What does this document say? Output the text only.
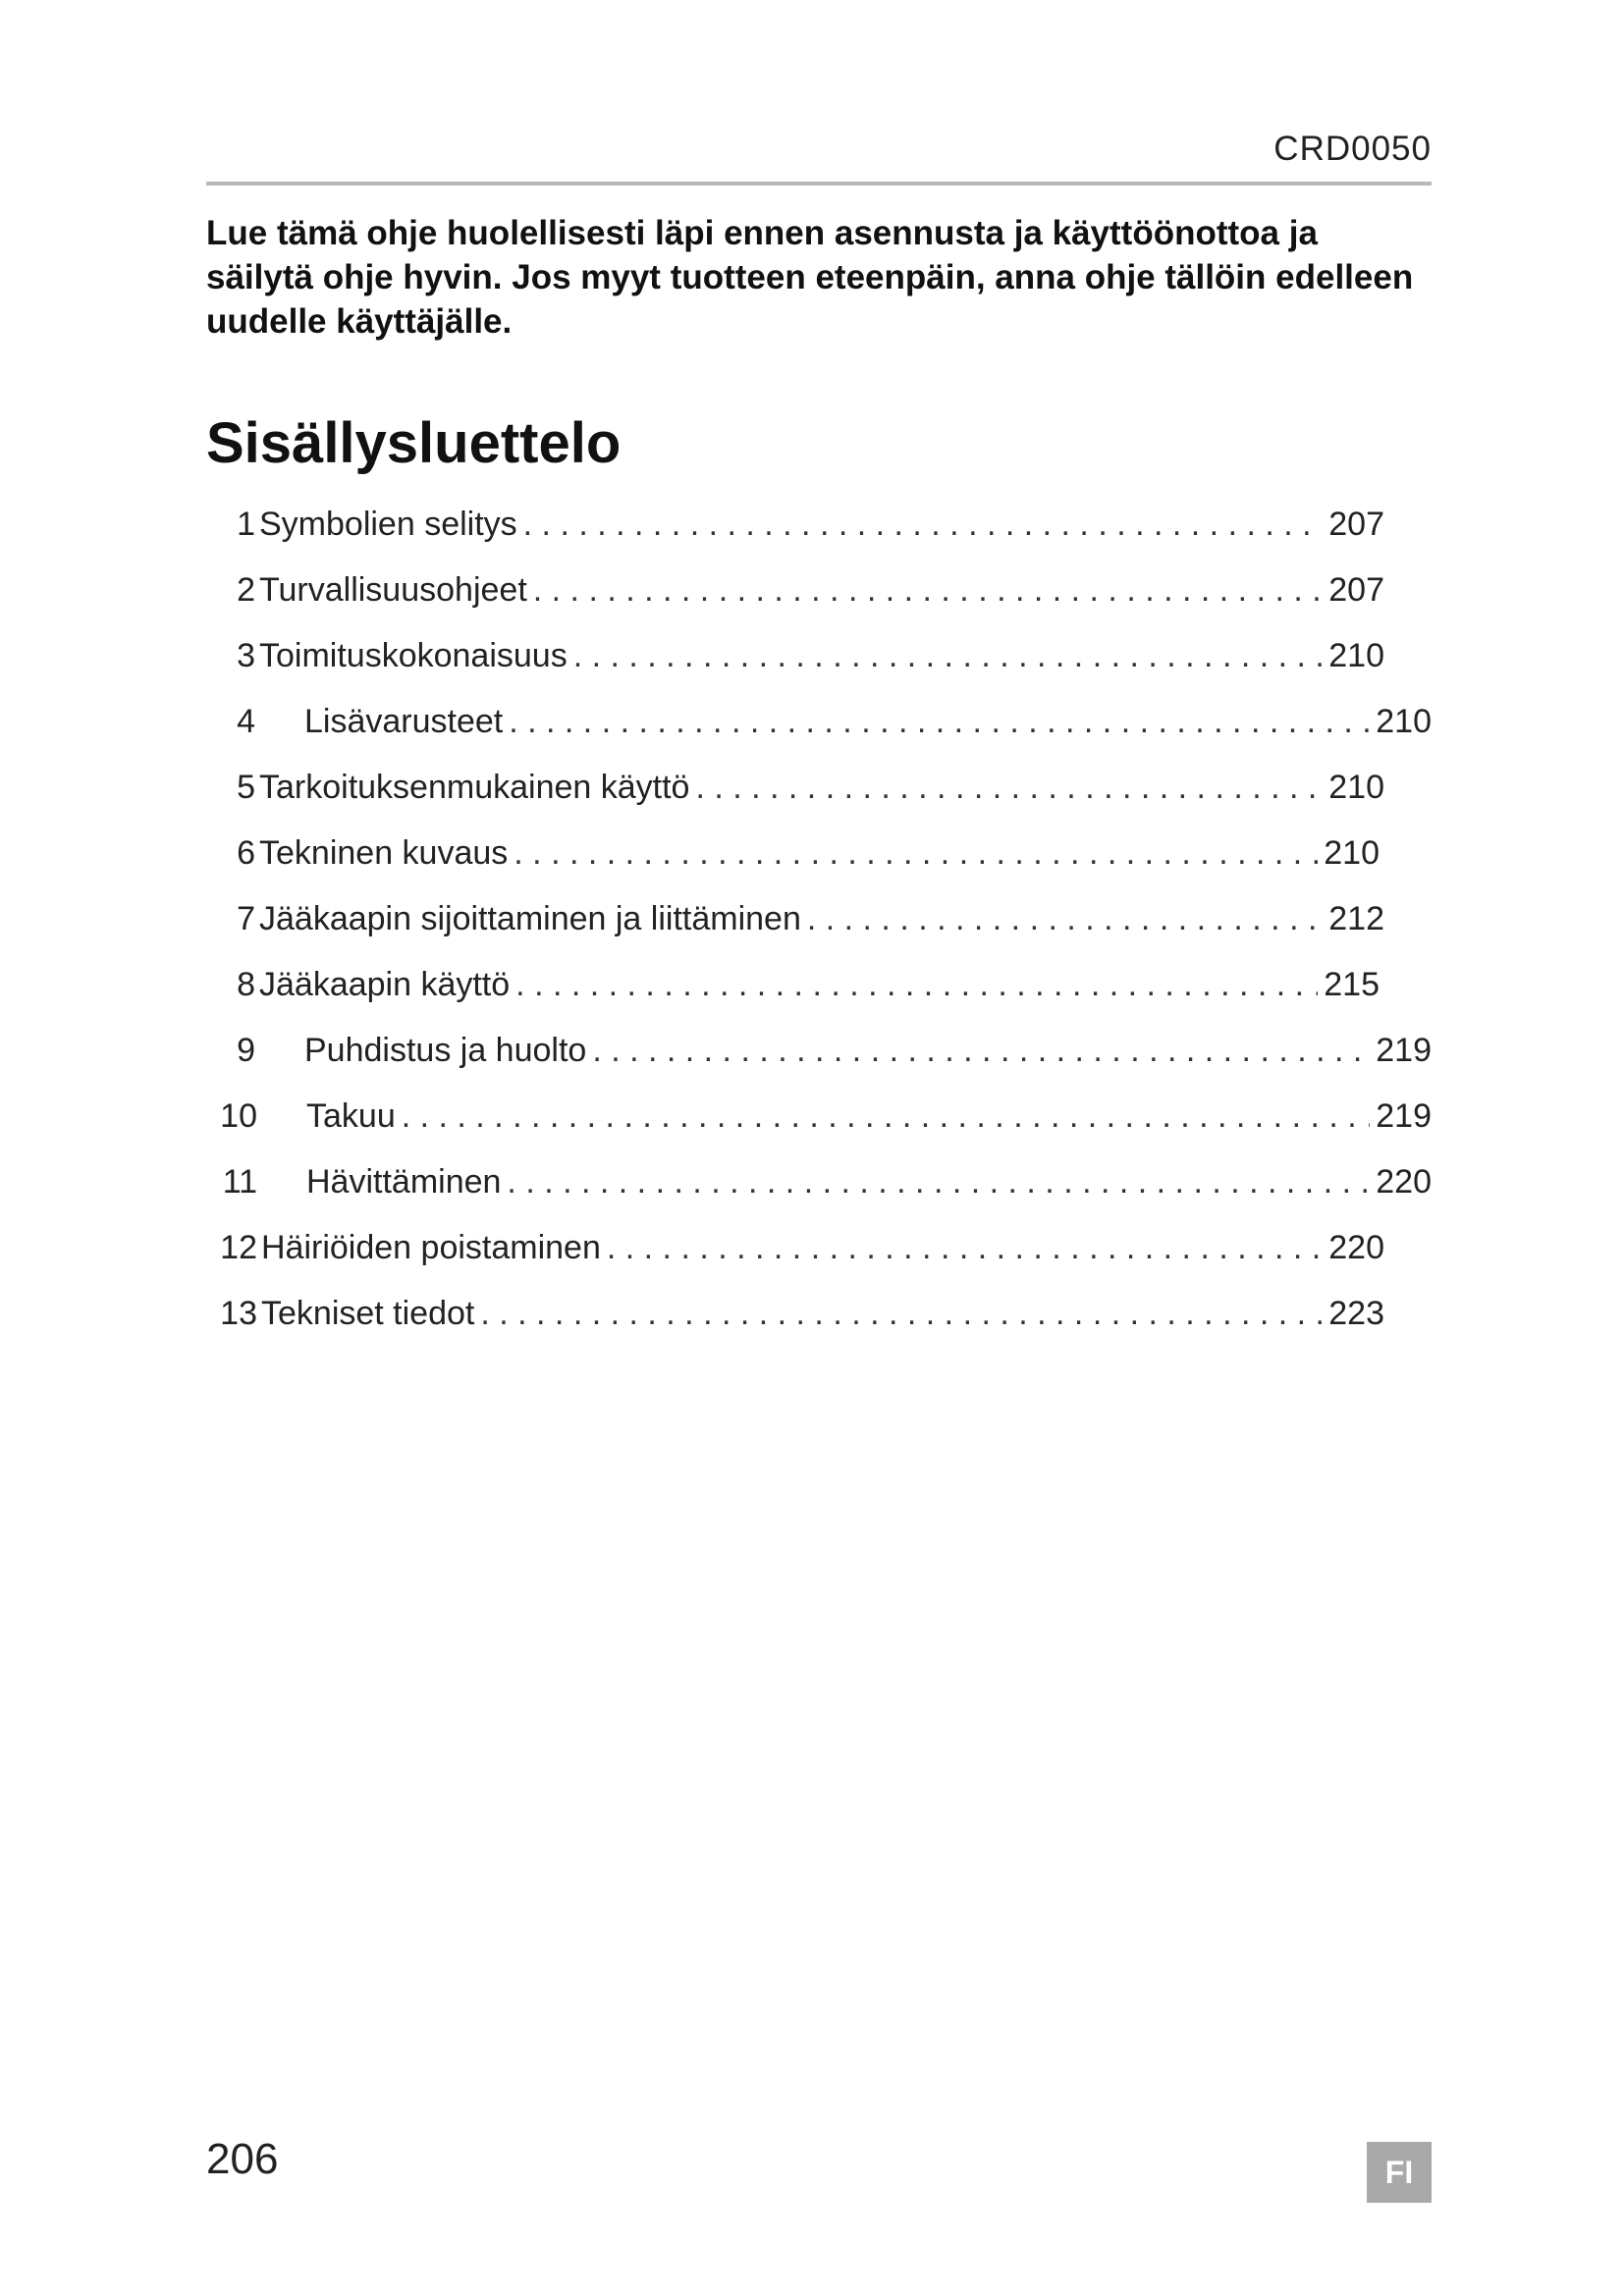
CRD0050

Lue tämä ohje huolellisesti läpi ennen asennusta ja käyttöönottoa ja säilytä ohje hyvin. Jos myyt tuotteen eteenpäin, anna ohje tällöin edelleen uudelle käyttäjälle.

Sisällysluettelo
1 Symbolien selitys . . .	207
2 Turvallisuusohjeet . . .	207
3 Toimituskokonaisuus . . .	210
4	Lisävarusteet . . .	210
5 Tarkoituksenmukainen käyttö . . .	210
6 Tekninen kuvaus . . .	210
7 Jääkaapin sijoittaminen ja liittäminen . . .	212
8 Jääkaapin käyttö . . .	215
9	Puhdistus ja huolto . . .	219
10	Takuu . . .	219
11	Hävittäminen . . .	220
12 Häiriöiden poistaminen . . .	220
13 Tekniset tiedot . . .	223
206	FI
